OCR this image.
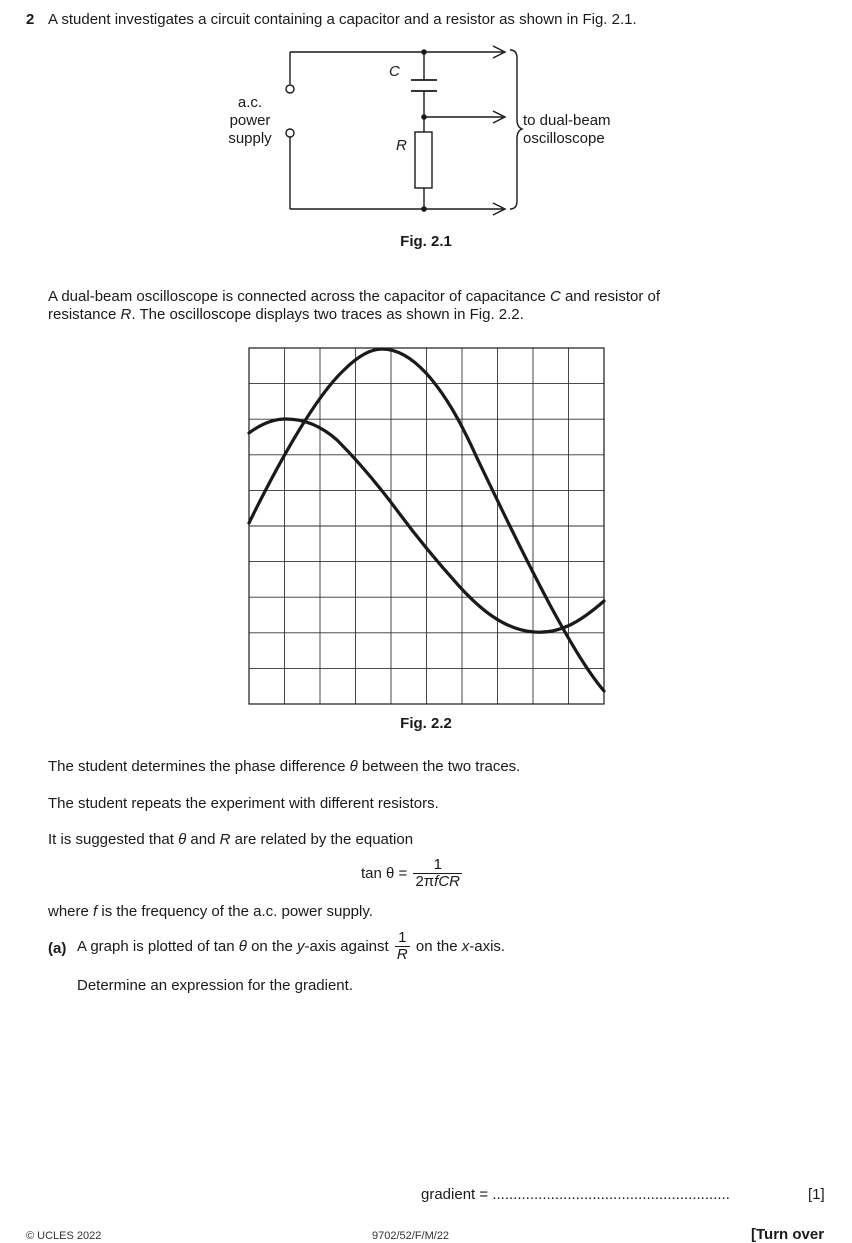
2 A student investigates a circuit containing a capacitor and a resistor as shown in Fig. 2.1.
C
R
a.c.
power
supply
to dual-beam
oscilloscope
Fig. 2.1
A dual-beam oscilloscope is connected across the capacitor of capacitance C and resistor of
resistance R. The oscilloscope displays two traces as shown in Fig. 2.2.
Fig. 2.2
The student determines the phase difference θ between the two traces.
The student repeats the experiment with different resistors.
It is suggested that θ and R are related by the equation
$\tan \theta = \frac{1}{\text{2πfCR}}$
where f is the frequency of the a.c. power supply.
(a) A graph is plotted of tan θ on the y-axis against $\frac{1}{R}$ on the x-axis.
Determine an expression for the gradient.
gradient = .........................................................	[1]
© UCLES 2022	9702/52/F/M/22	[Turn over
